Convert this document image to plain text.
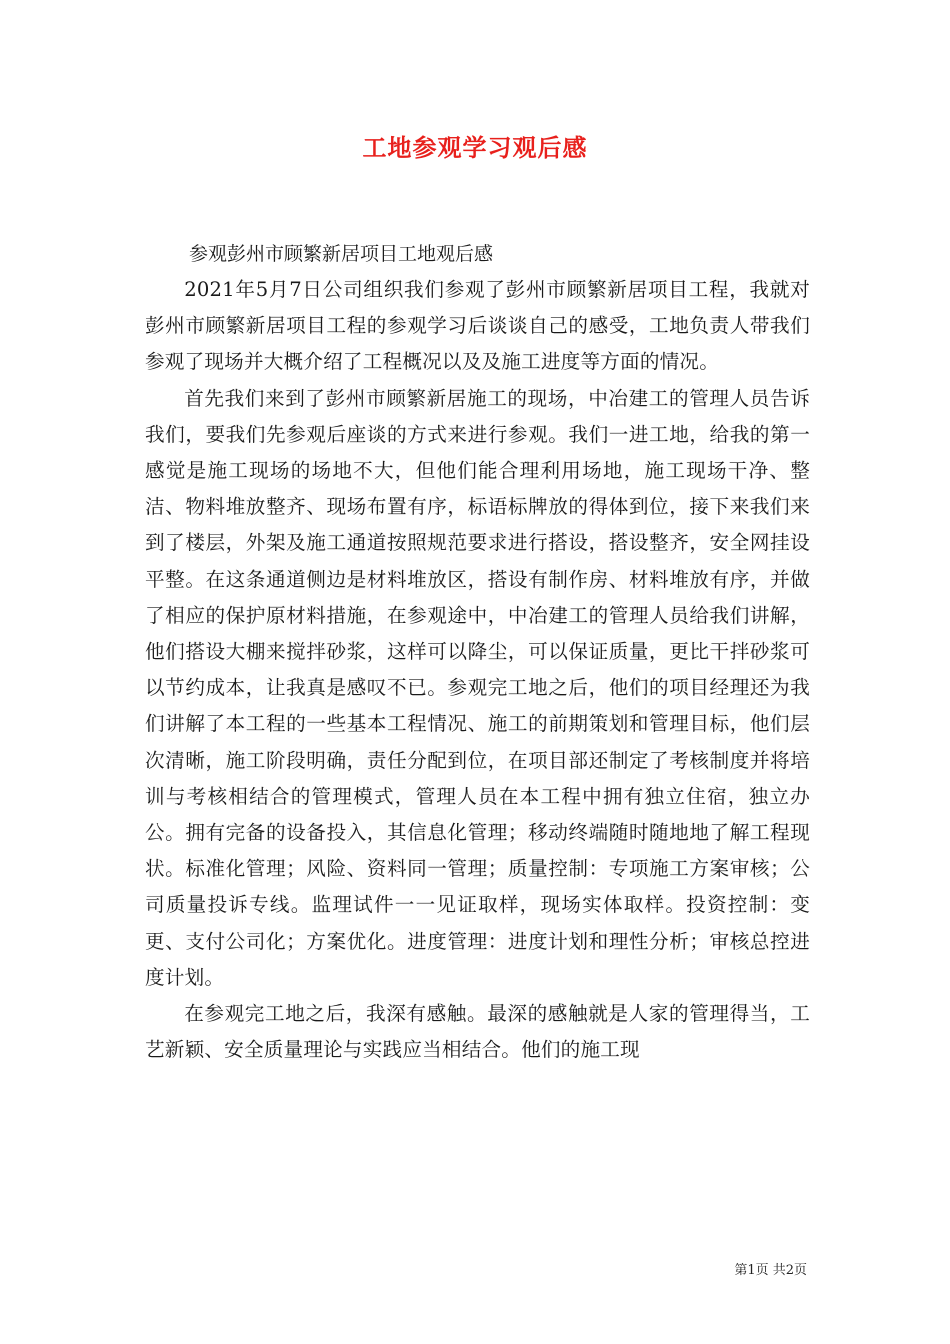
工地参观学习观后感

参观彭州市顾繁新居项目工地观后感

2021年5月7日公司组织我们参观了彭州市顾繁新居项目工程，我就对彭州市顾繁新居项目工程的参观学习后谈谈自己的感受，工地负责人带我们参观了现场并大概介绍了工程概况以及及施工进度等方面的情况。

首先我们来到了彭州市顾繁新居施工的现场，中冶建工的管理人员告诉我们，要我们先参观后座谈的方式来进行参观。我们一进工地，给我的第一感觉是施工现场的场地不大，但他们能合理利用场地，施工现场干净、整洁、物料堆放整齐、现场布置有序，标语标牌放的得体到位，接下来我们来到了楼层，外架及施工通道按照规范要求进行搭设，搭设整齐，安全网挂设平整。在这条通道侧边是材料堆放区，搭设有制作房、材料堆放有序，并做了相应的保护原材料措施，在参观途中，中冶建工的管理人员给我们讲解，他们搭设大棚来搅拌砂浆，这样可以降尘，可以保证质量，更比干拌砂浆可以节约成本，让我真是感叹不已。参观完工地之后，他们的项目经理还为我们讲解了本工程的一些基本工程情况、施工的前期策划和管理目标，他们层次清晰，施工阶段明确，责任分配到位，在项目部还制定了考核制度并将培训与考核相结合的管理模式，管理人员在本工程中拥有独立住宿，独立办公。拥有完备的设备投入，其信息化管理；移动终端随时随地地了解工程现状。标准化管理；风险、资料同一管理；质量控制：专项施工方案审核；公司质量投诉专线。监理试件一一见证取样，现场实体取样。投资控制：变更、支付公司化；方案优化。进度管理：进度计划和理性分析；审核总控进度计划。

在参观完工地之后，我深有感触。最深的感触就是人家的管理得当，工艺新颖、安全质量理论与实践应当相结合。他们的施工现

第1页 共2页
